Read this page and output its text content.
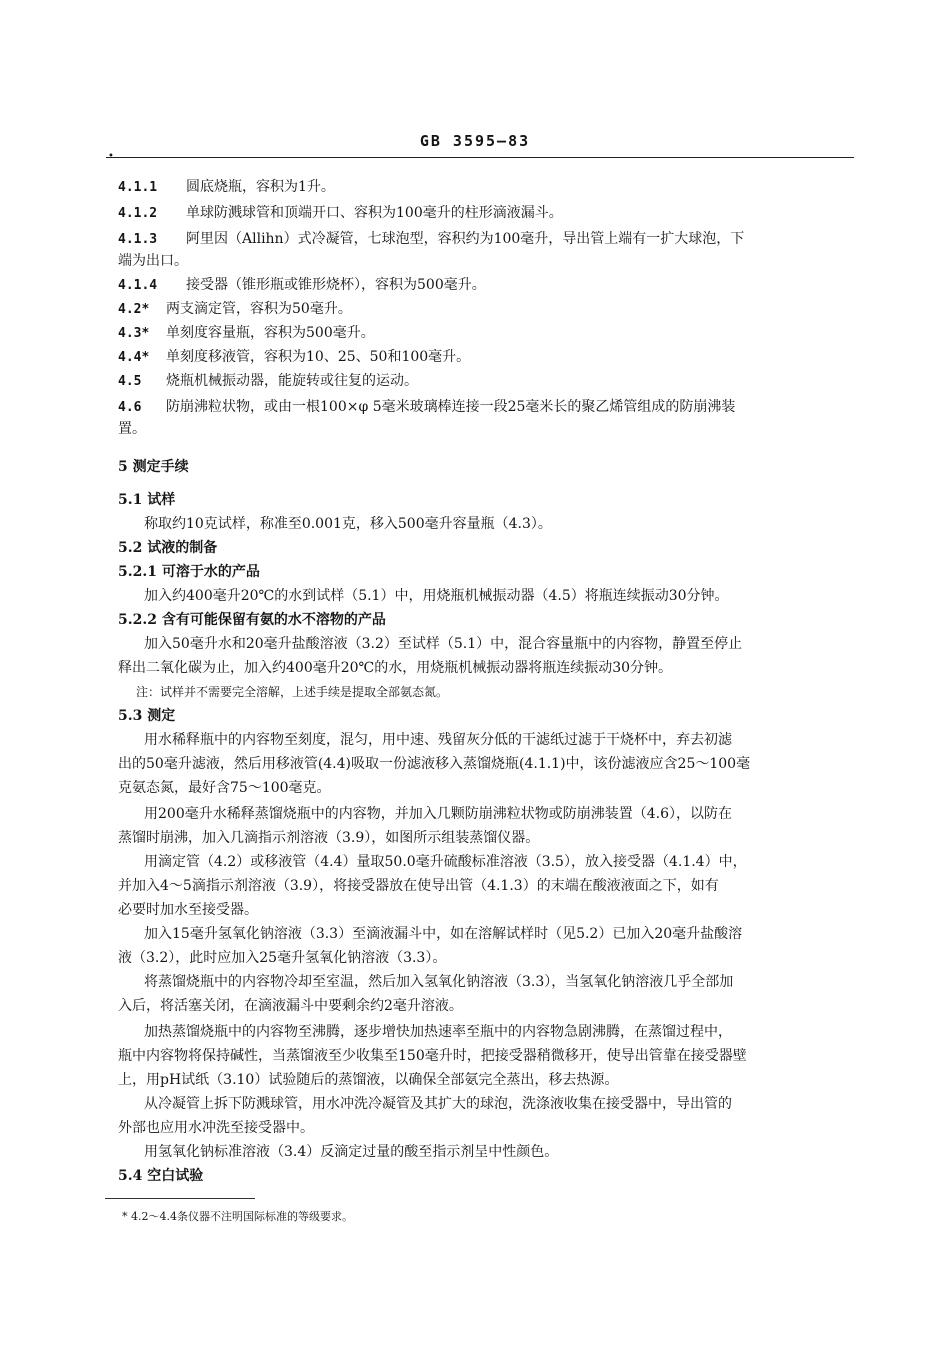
GB 3595—83
•
4.1.1 圆底烧瓶，容积为1升。
4.1.2 单球防溅球管和顶端开口、容积为100毫升的柱形滴液漏斗。
4.1.3 阿里因（Allihn）式冷凝管，七球泡型，容积约为100毫升，导出管上端有一扩大球泡，下
端为出口。
4.1.4 接受器（锥形瓶或锥形烧杯），容积为500毫升。
4.2* 两支滴定管，容积为50毫升。
4.3* 单刻度容量瓶，容积为500毫升。
4.4* 单刻度移液管，容积为10、25、50和100毫升。
4.5 烧瓶机械振动器，能旋转或往复的运动。
4.6 防崩沸粒状物，或由一根100×φ 5毫米玻璃棒连接一段25毫米长的聚乙烯管组成的防崩沸装
置。
5 测定手续
5.1 试样
称取约10克试样，称准至0.001克，移入500毫升容量瓶（4.3）。
5.2 试液的制备
5.2.1 可溶于水的产品
加入约400毫升20℃的水到试样（5.1）中，用烧瓶机械振动器（4.5）将瓶连续振动30分钟。
5.2.2 含有可能保留有氨的水不溶物的产品
加入50毫升水和20毫升盐酸溶液（3.2）至试样（5.1）中，混合容量瓶中的内容物，静置至停止
释出二氧化碳为止，加入约400毫升20℃的水，用烧瓶机械振动器将瓶连续振动30分钟。
注：试样并不需要完全溶解，上述手续是提取全部氨态氮。
5.3 测定
用水稀释瓶中的内容物至刻度，混匀，用中速、残留灰分低的干滤纸过滤于干烧杯中，弃去初滤
出的50毫升滤液，然后用移液管(4.4)吸取一份滤液移入蒸馏烧瓶(4.1.1)中，该份滤液应含25～100毫
克氨态氮，最好含75～100毫克。
用200毫升水稀释蒸馏烧瓶中的内容物，并加入几颗防崩沸粒状物或防崩沸装置（4.6），以防在
蒸馏时崩沸，加入几滴指示剂溶液（3.9），如图所示组装蒸馏仪器。
用滴定管（4.2）或移液管（4.4）量取50.0毫升硫酸标准溶液（3.5），放入接受器（4.1.4）中，
并加入4～5滴指示剂溶液（3.9），将接受器放在使导出管（4.1.3）的末端在酸液液面之下，如有
必要时加水至接受器。
加入15毫升氢氧化钠溶液（3.3）至滴液漏斗中，如在溶解试样时（见5.2）已加入20毫升盐酸溶
液（3.2），此时应加入25毫升氢氧化钠溶液（3.3）。
将蒸馏烧瓶中的内容物冷却至室温，然后加入氢氧化钠溶液（3.3），当氢氧化钠溶液几乎全部加
入后，将活塞关闭，在滴液漏斗中要剩余约2毫升溶液。
加热蒸馏烧瓶中的内容物至沸腾，逐步增快加热速率至瓶中的内容物急剧沸腾，在蒸馏过程中，
瓶中内容物将保持碱性，当蒸馏液至少收集至150毫升时，把接受器稍微移开，使导出管靠在接受器壁
上，用pH试纸（3.10）试验随后的蒸馏液，以确保全部氨完全蒸出，移去热源。
从冷凝管上拆下防溅球管，用水冲洗冷凝管及其扩大的球泡，洗涤液收集在接受器中，导出管的
外部也应用水冲洗至接受器中。
用氢氧化钠标准溶液（3.4）反滴定过量的酸至指示剂呈中性颜色。
5.4 空白试验
* 4.2～4.4条仪器不注明国际标准的等级要求。
